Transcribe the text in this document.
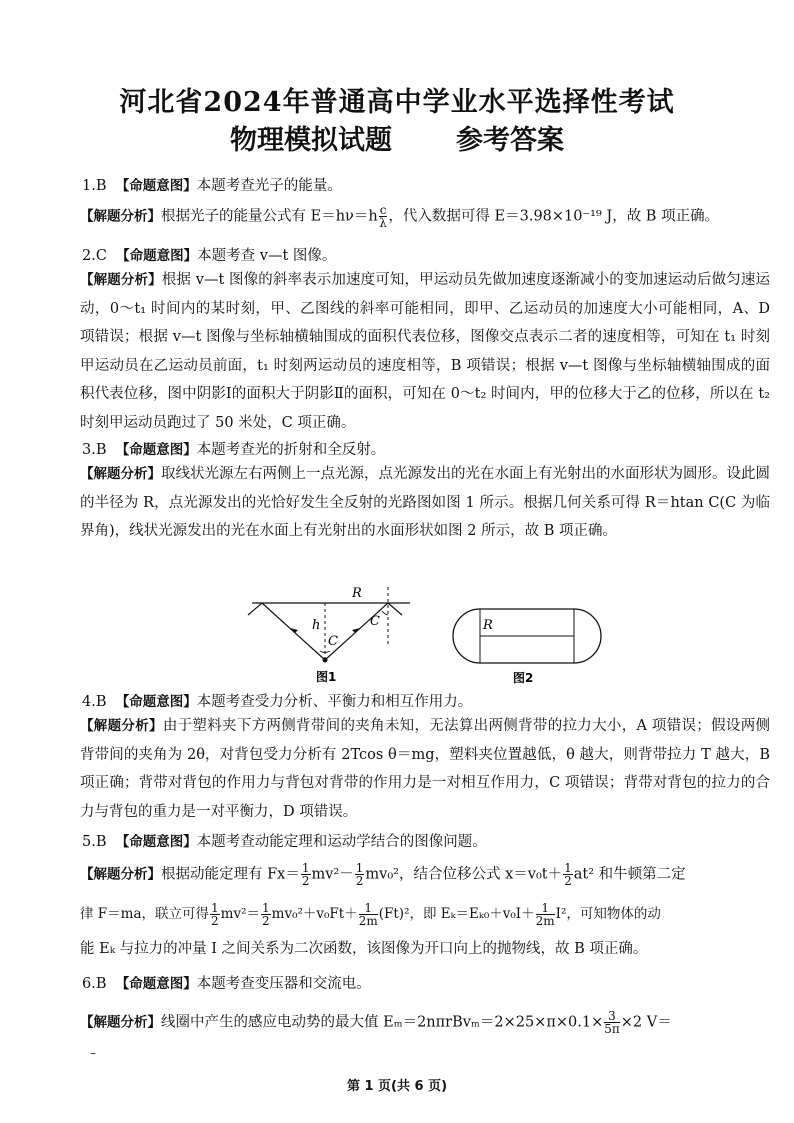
河北省2024年普通高中学业水平选择性考试
物理模拟试题 参考答案
1.B 【命题意图】本题考查光子的能量。
【解题分析】根据光子的能量公式有 $E=h\nu=h \frac{c}{\lambda}$ ，代入数据可得 E＝3.98×10⁻¹⁹ J，故 B 项正确。
2.C 【命题意图】本题考查 v—t 图像。
【解题分析】根据 v—t 图像的斜率表示加速度可知，甲运动员先做加速度逐渐减小的变加速运动后做匀速运动，0～t₁ 时间内的某时刻，甲、乙图线的斜率可能相同，即甲、乙运动员的加速度大小可能相同，A、D 项错误；根据 v—t 图像与坐标轴横轴围成的面积代表位移，图像交点表示二者的速度相等，可知在 t₁ 时刻甲运动员在乙运动员前面，t₁ 时刻两运动员的速度相等，B 项错误；根据 v—t 图像与坐标轴横轴围成的面积代表位移，图中阴影Ⅰ的面积大于阴影Ⅱ的面积，可知在 0～t₂ 时间内，甲的位移大于乙的位移，所以在 t₂ 时刻甲运动员跑过了 50 米处，C 项正确。
3.B 【命题意图】本题考查光的折射和全反射。
【解题分析】取线状光源左右两侧上一点光源，点光源发出的光在水面上有光射出的水面形状为圆形。设此圆的半径为 R，点光源发出的光恰好发生全反射的光路图如图 1 所示。根据几何关系可得 R＝htan C(C 为临界角)，线状光源发出的光在水面上有光射出的水面形状如图 2 所示，故 B 项正确。
R
h
C
C
图1
R
图2
4.B 【命题意图】本题考查受力分析、平衡力和相互作用力。
【解题分析】由于塑料夹下方两侧背带间的夹角未知，无法算出两侧背带的拉力大小，A 项错误；假设两侧背带间的夹角为 2θ，对背包受力分析有 2Tcos θ＝mg，塑料夹位置越低，θ 越大，则背带拉力 T 越大，B 项正确；背带对背包的作用力与背包对背带的作用力是一对相互作用力，C 项错误；背带对背包的拉力的合力与背包的重力是一对平衡力，D 项错误。
5.B 【命题意图】本题考查动能定理和运动学结合的图像问题。
【解题分析】根据动能定理有 $Fx= \frac{1}{2} mv^2- \frac{1}{2} mv_0^2$，结合位移公式 $x=v_0t+ \frac{1}{2} at^2$ 和牛顿第二定
律 F＝ma，联立可得 $\frac{1}{2} mv^2= \frac{1}{2} mv_0^2+v_0Ft+ \frac{1}{2m} (Ft)^2$，即 $E_k=E_{k0}+v_0I+ \frac{1}{2m} I^2$，可知物体的动
能 Eₖ 与拉力的冲量 I 之间关系为二次函数，该图像为开口向上的抛物线，故 B 项正确。
6.B 【命题意图】本题考查变压器和交流电。
【解题分析】线圈中产生的感应电动势的最大值 $E_m=2n\pi rBv_m=2\times 25\times\pi\times 0.1\times \frac{3}{5\pi} \times 2$ V＝
–
第 1 页(共 6 页)
